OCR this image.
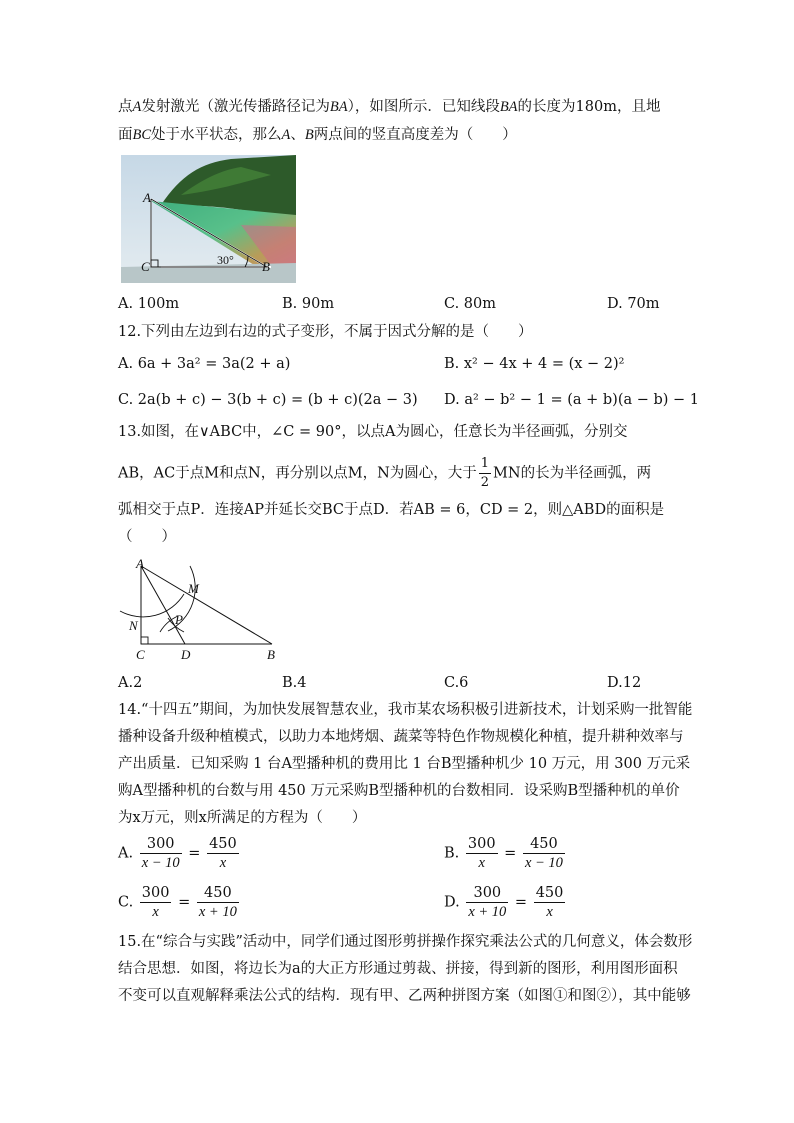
点A发射激光（激光传播路径记为BA），如图所示．已知线段BA的长度为180m，且地
面BC处于水平状态，那么A、B两点间的竖直高度差为（　　）
A
C	B
30°
A. 100m	B. 90m	C. 80m	D. 70m
12.下列由左边到右边的式子变形，不属于因式分解的是（　　）
A. 6a + 3a² = 3a(2 + a)	B. x² − 4x + 4 = (x − 2)²
C. 2a(b + c) − 3(b + c) = (b + c)(2a − 3) D. a² − b² − 1 = (a + b)(a − b) − 1
13.如图，在∨ABC中，∠C = 90°，以点A为圆心，任意长为半径画弧，分别交
AB，AC于点M和点N，再分别以点M，N为圆心，大于 $\frac{1}{2}$ MN的长为半径画弧，两
弧相交于点P．连接AP并延长交BC于点D．若AB = 6，CD = 2，则△ABD的面积是
（　　）
A
M
N	P
C	D	B
A.2	B.4	C.6	D.12
14.“十四五”期间，为加快发展智慧农业，我市某农场积极引进新技术，计划采购一批智能
播种设备升级种植模式，以助力本地烤烟、蔬菜等特色作物规模化种植，提升耕种效率与
产出质量．已知采购 1 台A型播种机的费用比 1 台B型播种机少 10 万元，用 300 万元采
购A型播种机的台数与用 450 万元采购B型播种机的台数相同．设采购B型播种机的单价
为x万元，则x所满足的方程为（　　）
A. $\frac{300}{x - 10} = \frac{450}{x}$	B. $\frac{300}{x} = \frac{450}{x - 10}$
C. $\frac{300}{x} = \frac{450}{x + 10}$	D. $\frac{300}{x + 10} = \frac{450}{x}$
15.在“综合与实践”活动中，同学们通过图形剪拼操作探究乘法公式的几何意义，体会数形
结合思想．如图，将边长为a的大正方形通过剪裁、拼接，得到新的图形，利用图形面积
不变可以直观解释乘法公式的结构．现有甲、乙两种拼图方案（如图①和图②），其中能够
